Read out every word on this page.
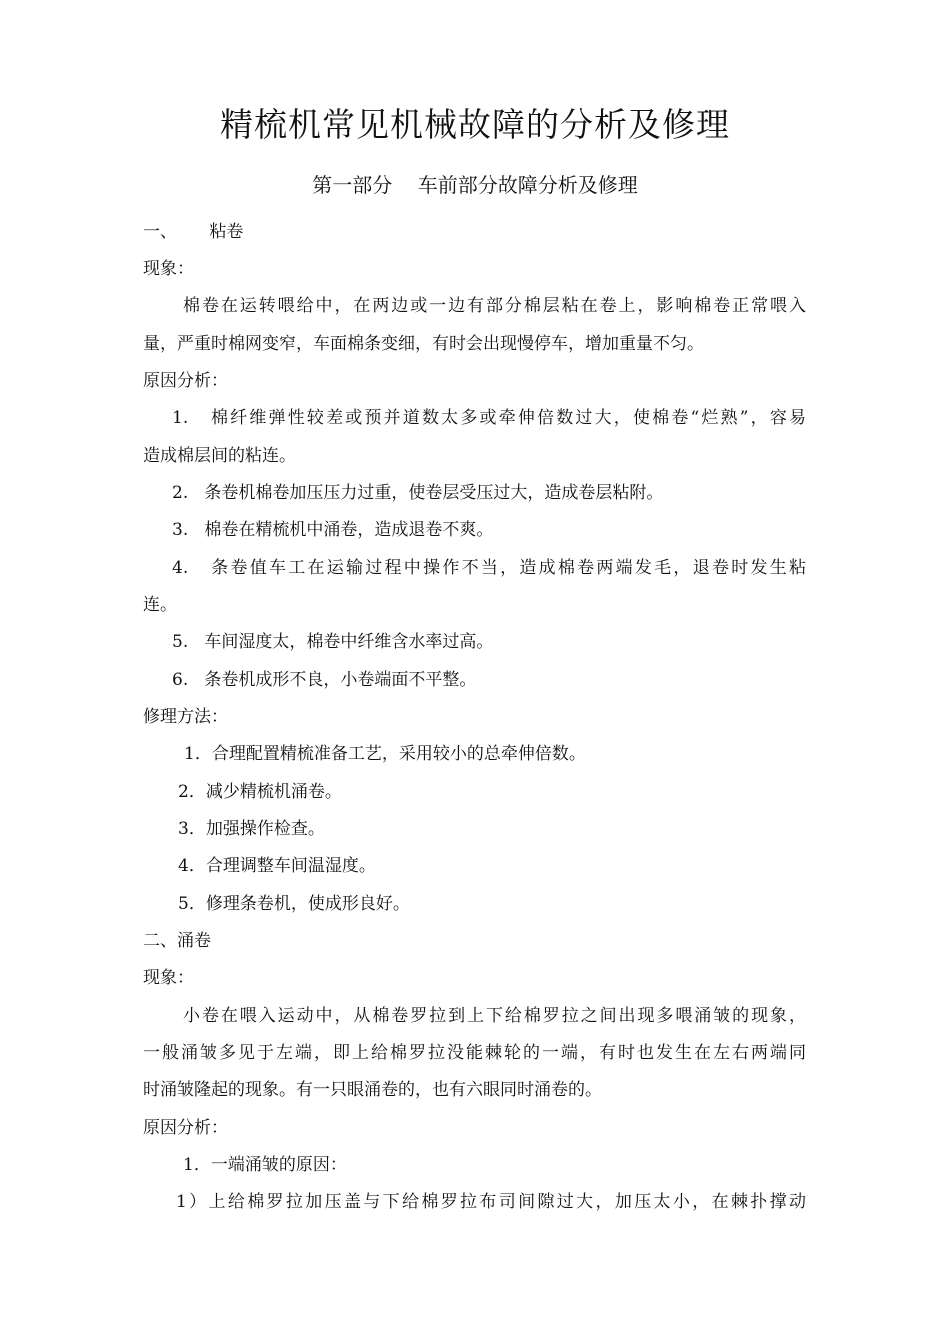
精梳机常见机械故障的分析及修理
第一部分    车前部分故障分析及修理
一、      粘卷
现象：
棉卷在运转喂给中，在两边或一边有部分棉层粘在卷上，影响棉卷正常喂入
量，严重时棉网变窄，车面棉条变细，有时会出现慢停车，增加重量不匀。
原因分析：
1.   棉纤维弹性较差或预并道数太多或牵伸倍数过大，使棉卷“烂熟”，容易
造成棉层间的粘连。
2.   条卷机棉卷加压压力过重，使卷层受压过大，造成卷层粘附。
3.   棉卷在精梳机中涌卷，造成退卷不爽。
4.   条卷值车工在运输过程中操作不当，造成棉卷两端发毛，退卷时发生粘
连。
5.   车间湿度太，棉卷中纤维含水率过高。
6.   条卷机成形不良，小卷端面不平整。
修理方法：
1．合理配置精梳准备工艺，采用较小的总牵伸倍数。
2．减少精梳机涌卷。
3．加强操作检查。
4．合理调整车间温湿度。
5．修理条卷机，使成形良好。
二、涌卷
现象：
小卷在喂入运动中，从棉卷罗拉到上下给棉罗拉之间出现多喂涌皱的现象，
一般涌皱多见于左端，即上给棉罗拉没能棘轮的一端，有时也发生在左右两端同
时涌皱隆起的现象。有一只眼涌卷的，也有六眼同时涌卷的。
原因分析：
1．一端涌皱的原因：
1）上给棉罗拉加压盖与下给棉罗拉布司间隙过大，加压太小，在棘扑撑动
